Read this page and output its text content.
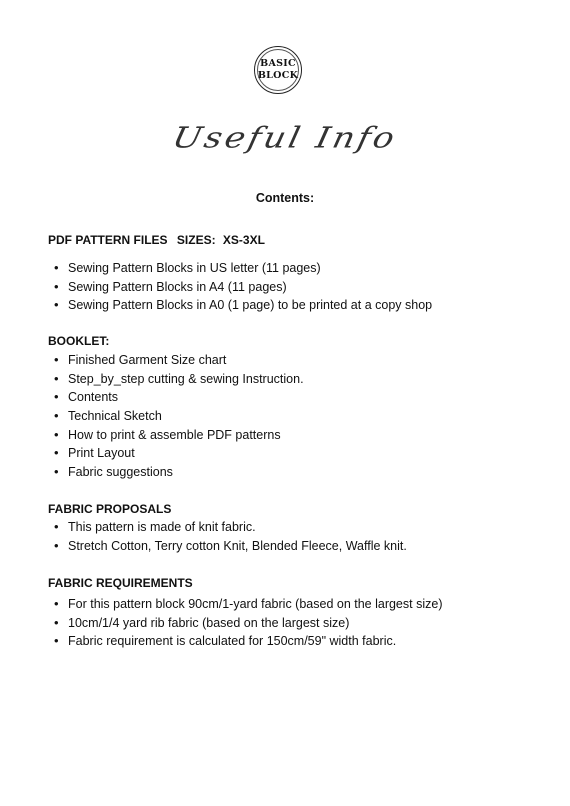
BASIC
BLOCK
Useful Info
Contents:
PDF PATTERN FILES SIZES: XS-3XL
• Sewing Pattern Blocks in US letter (11 pages)
• Sewing Pattern Blocks in A4 (11 pages)
• Sewing Pattern Blocks in A0 (1 page) to be printed at a copy shop
BOOKLET:
• Finished Garment Size chart
• Step_by_step cutting & sewing Instruction.
• Contents
• Technical Sketch
• How to print & assemble PDF patterns
• Print Layout
• Fabric suggestions
FABRIC PROPOSALS
• This pattern is made of knit fabric.
• Stretch Cotton, Terry cotton Knit, Blended Fleece, Waffle knit.
FABRIC REQUIREMENTS
• For this pattern block 90cm/1-yard fabric (based on the largest size)
• 10cm/1/4 yard rib fabric (based on the largest size)
• Fabric requirement is calculated for 150cm/59" width fabric.
